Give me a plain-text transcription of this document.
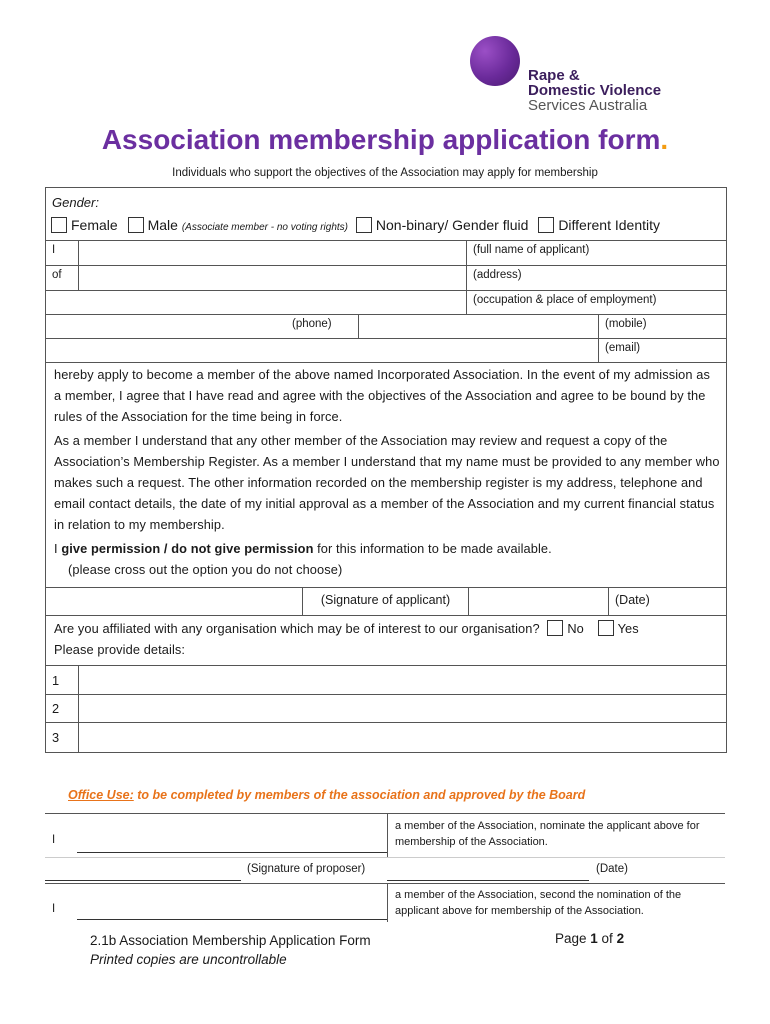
Rape &
Domestic Violence
Services Australia
Association membership application form.
Individuals who support the objectives of the Association may apply for membership
Gender:
Female Male (Associate member - no voting rights) Non-binary/ Gender fluid Different Identity
I	(full name of applicant)
of	(address)
(occupation & place of employment)
(phone)	(mobile)
(email)
hereby apply to become a member of the above named Incorporated Association. In the event of my admission as a member, I agree that I have read and agree with the objectives of the Association and agree to be bound by the rules of the Association for the time being in force.
As a member I understand that any other member of the Association may review and request a copy of the Association’s Membership Register. As a member I understand that my name must be provided to any member who makes such a request. The other information recorded on the membership register is my address, telephone and email contact details, the date of my initial approval as a member of the Association and my current financial status in relation to my membership.
I give permission / do not give permission for this information to be made available.
(please cross out the option you do not choose)
(Signature of applicant)	(Date)
Are you affiliated with any organisation which may be of interest to our organisation? No	Yes
Please provide details:
1
2
3
Office Use: to be completed by members of the association and approved by the Board
I
a member of the Association, nominate the applicant above for membership of the Association.
(Signature of proposer)	(Date)
I
a member of the Association, second the nomination of the applicant above for membership of the Association.
2.1b Association Membership Application Form
Printed copies are uncontrollable
Page 1 of 2
